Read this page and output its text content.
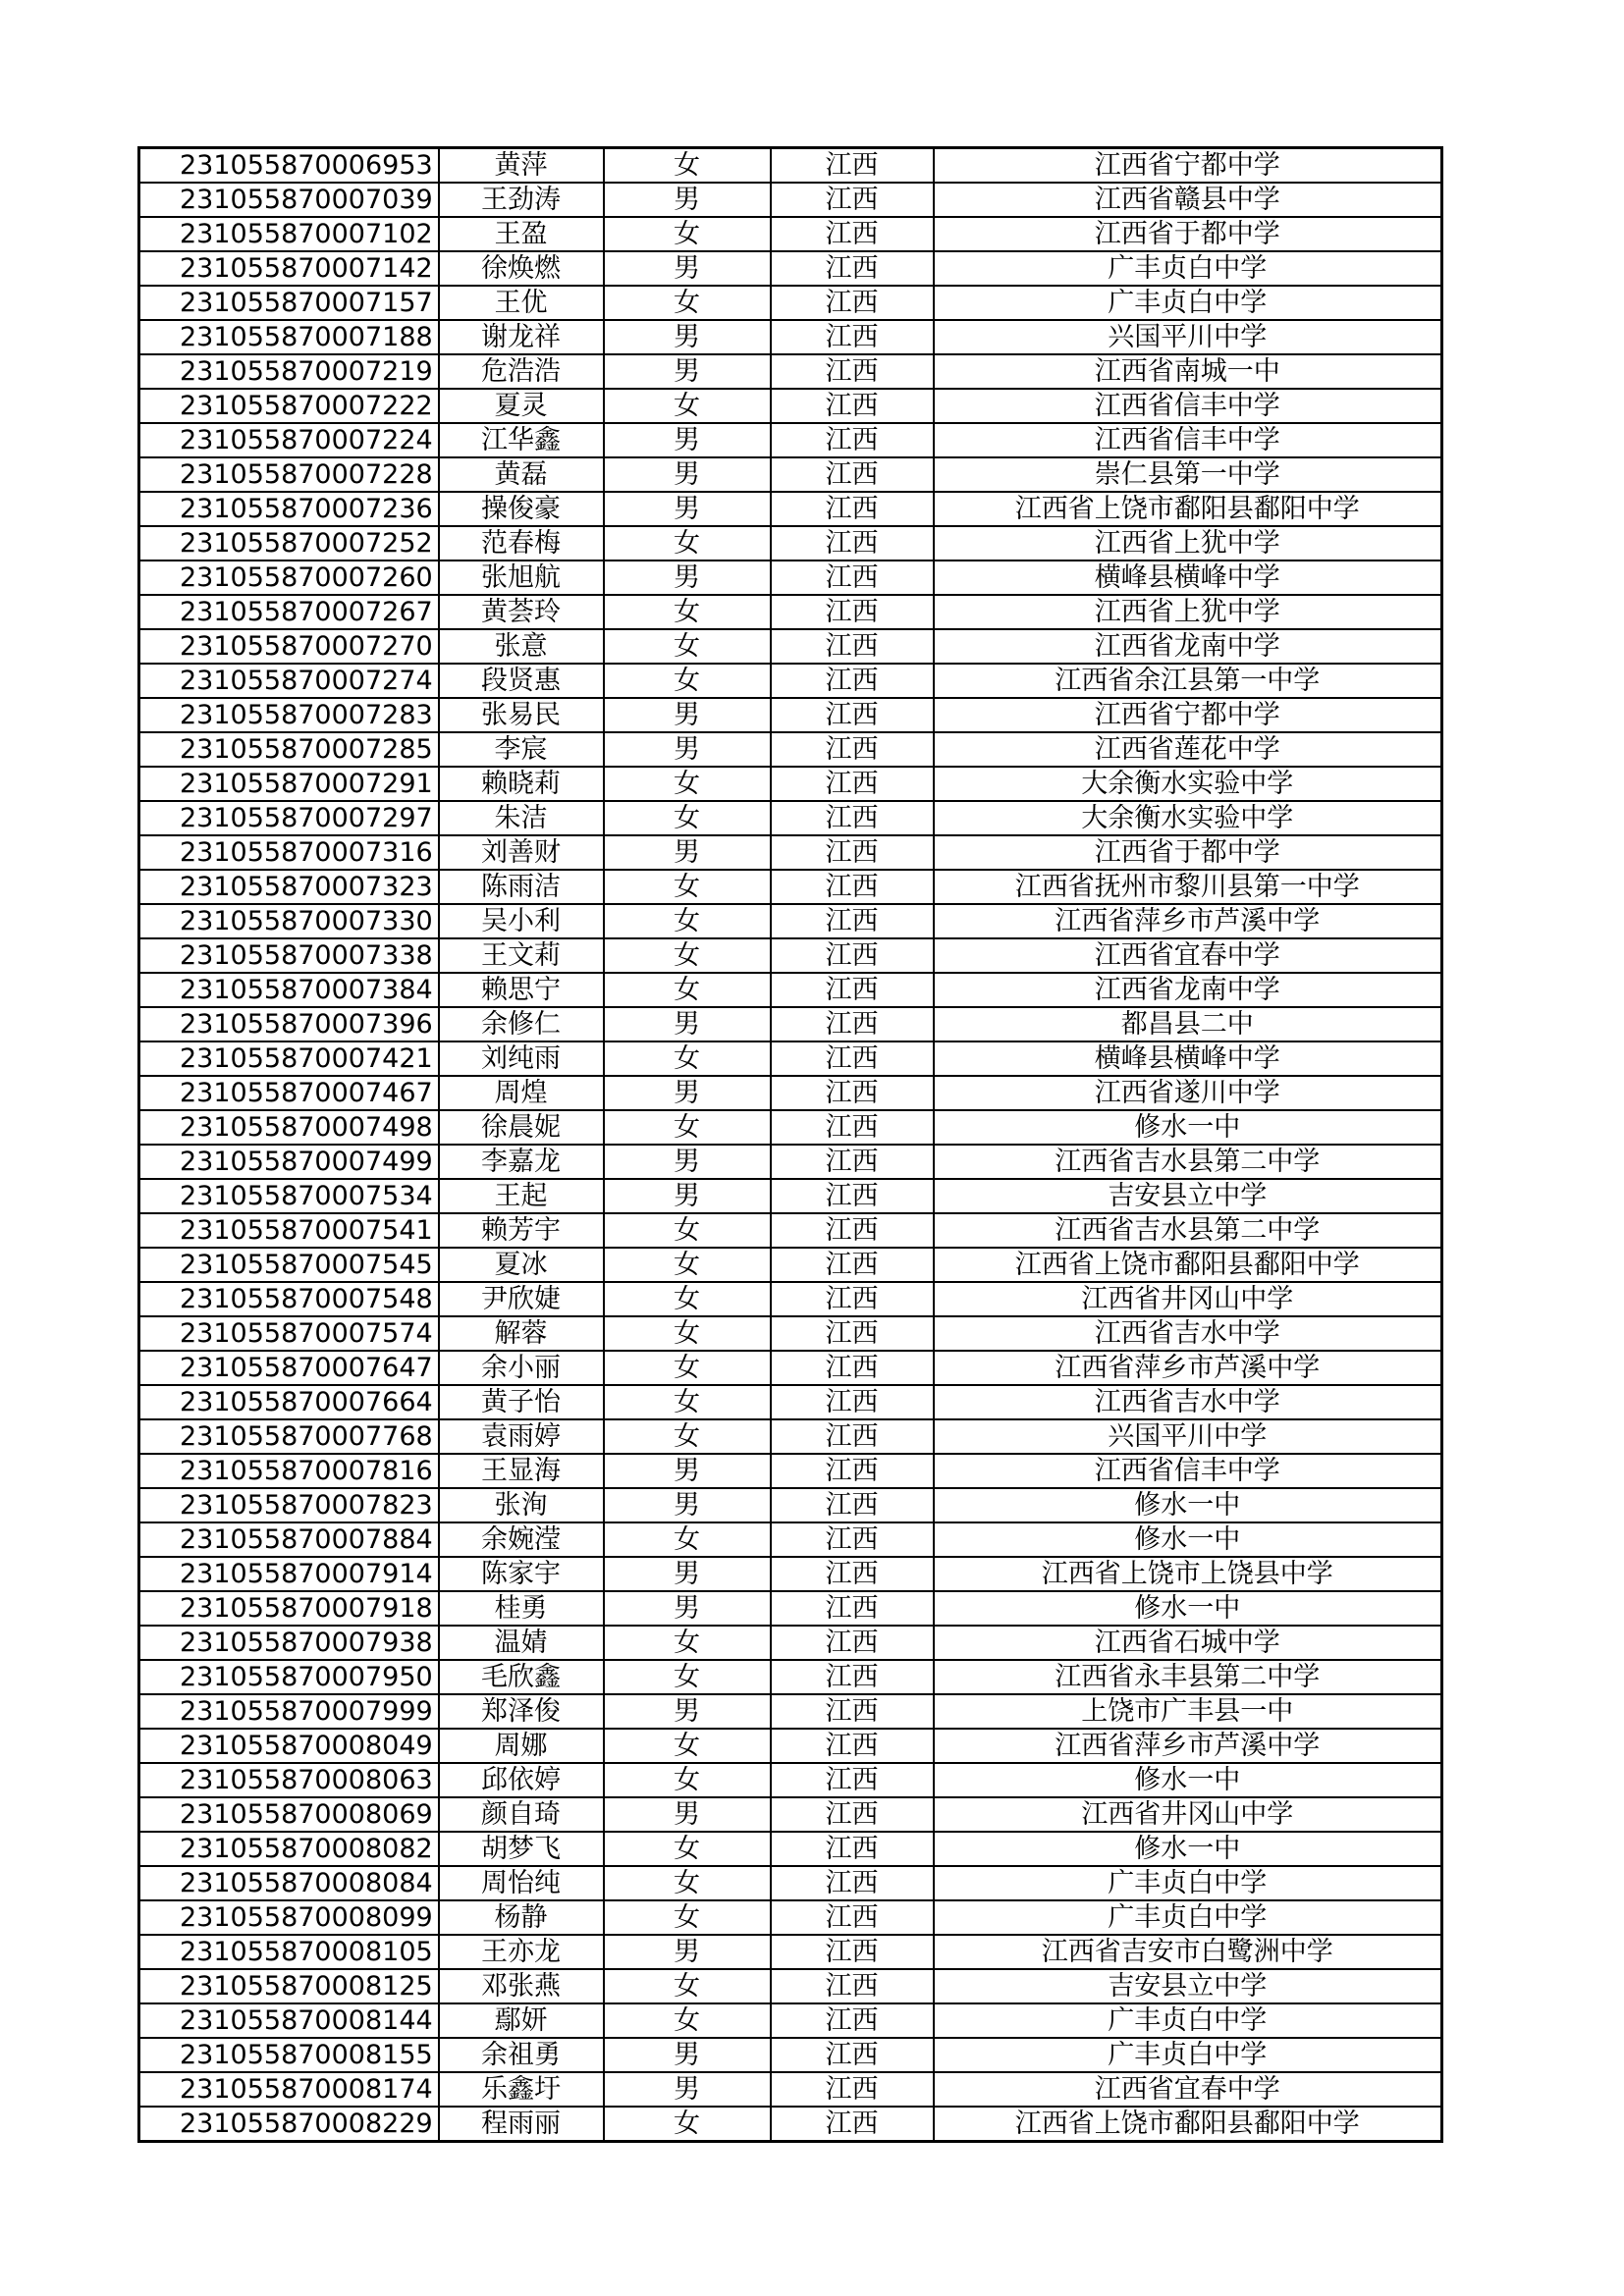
231055870006953	黄萍	女	江西	江西省宁都中学
231055870007039	王劲涛	男	江西	江西省赣县中学
231055870007102	王盈	女	江西	江西省于都中学
231055870007142	徐焕燃	男	江西	广丰贞白中学
231055870007157	王优	女	江西	广丰贞白中学
231055870007188	谢龙祥	男	江西	兴国平川中学
231055870007219	危浩浩	男	江西	江西省南城一中
231055870007222	夏灵	女	江西	江西省信丰中学
231055870007224	江华鑫	男	江西	江西省信丰中学
231055870007228	黄磊	男	江西	崇仁县第一中学
231055870007236	操俊豪	男	江西	江西省上饶市鄱阳县鄱阳中学
231055870007252	范春梅	女	江西	江西省上犹中学
231055870007260	张旭航	男	江西	横峰县横峰中学
231055870007267	黄荟玲	女	江西	江西省上犹中学
231055870007270	张意	女	江西	江西省龙南中学
231055870007274	段贤惠	女	江西	江西省余江县第一中学
231055870007283	张易民	男	江西	江西省宁都中学
231055870007285	李宸	男	江西	江西省莲花中学
231055870007291	赖晓莉	女	江西	大余衡水实验中学
231055870007297	朱洁	女	江西	大余衡水实验中学
231055870007316	刘善财	男	江西	江西省于都中学
231055870007323	陈雨洁	女	江西	江西省抚州市黎川县第一中学
231055870007330	吴小利	女	江西	江西省萍乡市芦溪中学
231055870007338	王文莉	女	江西	江西省宜春中学
231055870007384	赖思宁	女	江西	江西省龙南中学
231055870007396	余修仁	男	江西	都昌县二中
231055870007421	刘纯雨	女	江西	横峰县横峰中学
231055870007467	周煌	男	江西	江西省遂川中学
231055870007498	徐晨妮	女	江西	修水一中
231055870007499	李嘉龙	男	江西	江西省吉水县第二中学
231055870007534	王起	男	江西	吉安县立中学
231055870007541	赖芳宇	女	江西	江西省吉水县第二中学
231055870007545	夏冰	女	江西	江西省上饶市鄱阳县鄱阳中学
231055870007548	尹欣婕	女	江西	江西省井冈山中学
231055870007574	解蓉	女	江西	江西省吉水中学
231055870007647	余小丽	女	江西	江西省萍乡市芦溪中学
231055870007664	黄子怡	女	江西	江西省吉水中学
231055870007768	袁雨婷	女	江西	兴国平川中学
231055870007816	王显海	男	江西	江西省信丰中学
231055870007823	张洵	男	江西	修水一中
231055870007884	余婉滢	女	江西	修水一中
231055870007914	陈家宇	男	江西	江西省上饶市上饶县中学
231055870007918	桂勇	男	江西	修水一中
231055870007938	温婧	女	江西	江西省石城中学
231055870007950	毛欣鑫	女	江西	江西省永丰县第二中学
231055870007999	郑泽俊	男	江西	上饶市广丰县一中
231055870008049	周娜	女	江西	江西省萍乡市芦溪中学
231055870008063	邱依婷	女	江西	修水一中
231055870008069	颜自琦	男	江西	江西省井冈山中学
231055870008082	胡梦飞	女	江西	修水一中
231055870008084	周怡纯	女	江西	广丰贞白中学
231055870008099	杨静	女	江西	广丰贞白中学
231055870008105	王亦龙	男	江西	江西省吉安市白鹭洲中学
231055870008125	邓张燕	女	江西	吉安县立中学
231055870008144	鄢妍	女	江西	广丰贞白中学
231055870008155	余祖勇	男	江西	广丰贞白中学
231055870008174	乐鑫圩	男	江西	江西省宜春中学
231055870008229	程雨丽	女	江西	江西省上饶市鄱阳县鄱阳中学
